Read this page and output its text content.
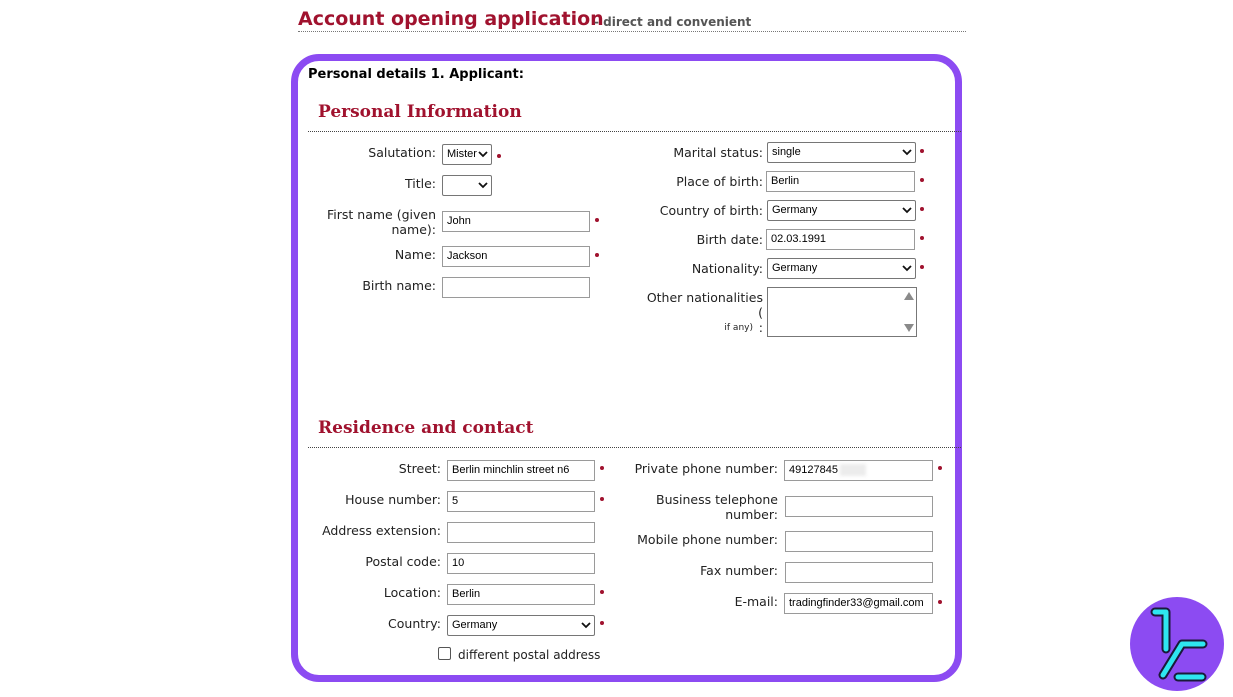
Account opening application
- direct and convenient
Personal details 1. Applicant:
Personal Information
Salutation:	Mister
Title:
First name (given name):
John
Name:	Jackson
Birth name:
Marital status: single
Place of birth: Berlin
Country of birth: Germany
Birth date: 02.03.1991
Nationality: Germany
Other nationalities
(
if any) :
Residence and contact
Street:	Berlin minchlin street n6
House number:	5
Address extension:
Postal code:	10
Location:	Berlin
Country:	Germany
different postal address
Private phone number:	49127845
Business telephone number:
Mobile phone number:
Fax number:
E-mail:	tradingfinder33@gmail.com
